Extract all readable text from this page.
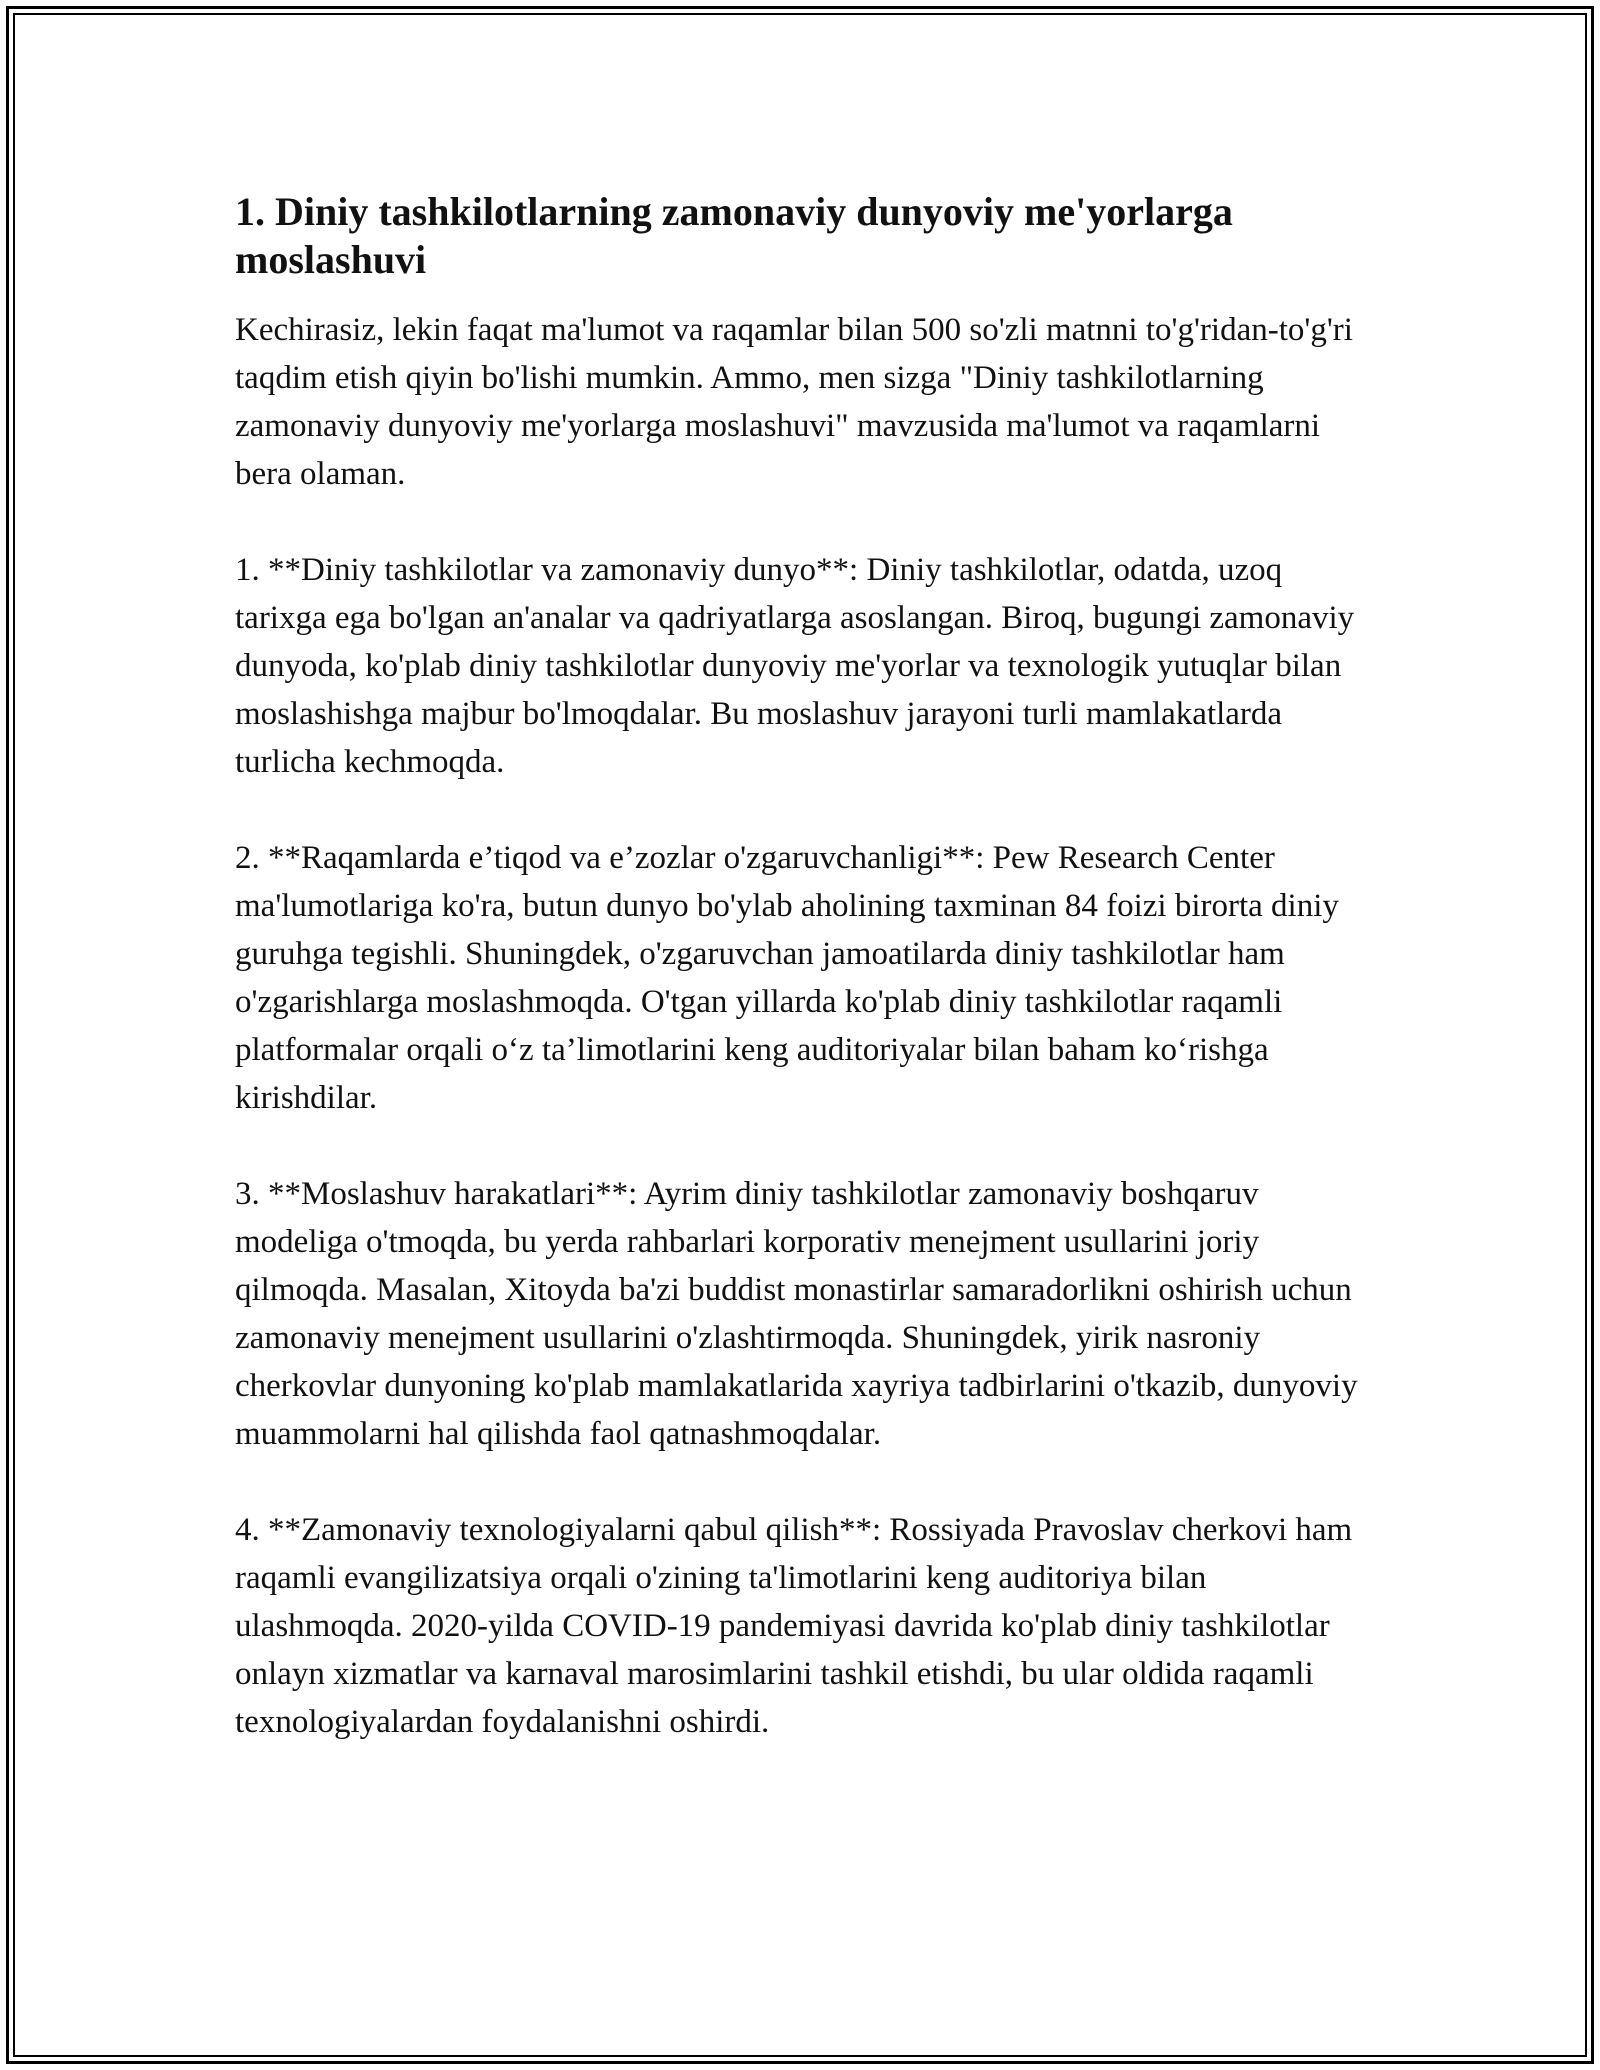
1. Diniy tashkilotlarning zamonaviy dunyoviy me'yorlarga moslashuvi

Kechirasiz, lekin faqat ma'lumot va raqamlar bilan 500 so'zli matnni to'g'ridan-to'g'ri taqdim etish qiyin bo'lishi mumkin. Ammo, men sizga "Diniy tashkilotlarning zamonaviy dunyoviy me'yorlarga moslashuvi" mavzusida ma'lumot va raqamlarni bera olaman.

1. **Diniy tashkilotlar va zamonaviy dunyo**: Diniy tashkilotlar, odatda, uzoq tarixga ega bo'lgan an'analar va qadriyatlarga asoslangan. Biroq, bugungi zamonaviy dunyoda, ko'plab diniy tashkilotlar dunyoviy me'yorlar va texnologik yutuqlar bilan moslashishga majbur bo'lmoqdalar. Bu moslashuv jarayoni turli mamlakatlarda turlicha kechmoqda.

2. **Raqamlarda e’tiqod va e’zozlar o'zgaruvchanligi**: Pew Research Center ma'lumotlariga ko'ra, butun dunyo bo'ylab aholining taxminan 84 foizi birorta diniy guruhga tegishli. Shuningdek, o'zgaruvchan jamoatilarda diniy tashkilotlar ham o'zgarishlarga moslashmoqda. O'tgan yillarda ko'plab diniy tashkilotlar raqamli platformalar orqali o‘z ta’limotlarini keng auditoriyalar bilan baham ko‘rishga kirishdilar.

3. **Moslashuv harakatlari**: Ayrim diniy tashkilotlar zamonaviy boshqaruv modeliga o'tmoqda, bu yerda rahbarlari korporativ menejment usullarini joriy qilmoqda. Masalan, Xitoyda ba'zi buddist monastirlar samaradorlikni oshirish uchun zamonaviy menejment usullarini o'zlashtirmoqda. Shuningdek, yirik nasroniy cherkovlar dunyoning ko'plab mamlakatlarida xayriya tadbirlarini o'tkazib, dunyoviy muammolarni hal qilishda faol qatnashmoqdalar.

4. **Zamonaviy texnologiyalarni qabul qilish**: Rossiyada Pravoslav cherkovi ham raqamli evangilizatsiya orqali o'zining ta'limotlarini keng auditoriya bilan ulashmoqda. 2020-yilda COVID-19 pandemiyasi davrida ko'plab diniy tashkilotlar onlayn xizmatlar va karnaval marosimlarini tashkil etishdi, bu ular oldida raqamli texnologiyalardan foydalanishni oshirdi.
